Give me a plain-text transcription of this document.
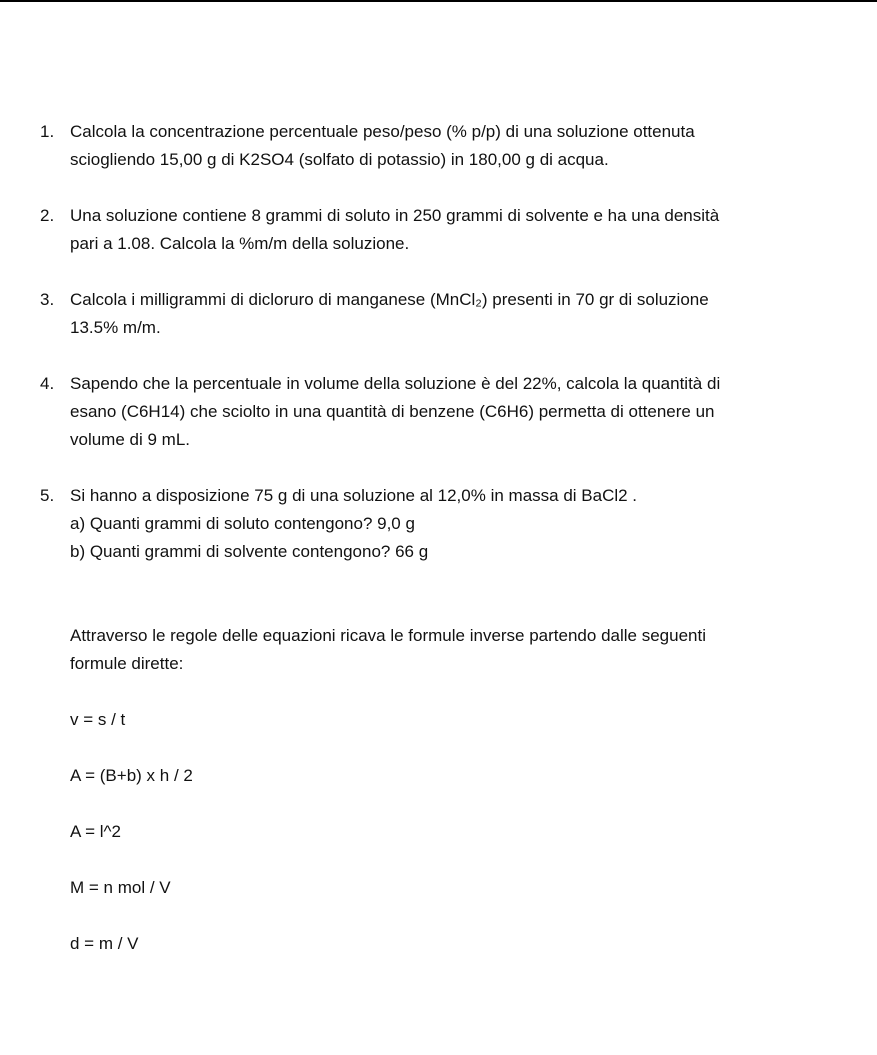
1. Calcola la concentrazione percentuale peso/peso (% p/p) di una soluzione ottenuta
sciogliendo 15,00 g di K2SO4 (solfato di potassio) in 180,00 g di acqua.
2. Una soluzione contiene 8 grammi di soluto in 250 grammi di solvente e ha una densità
pari a 1.08. Calcola la %m/m della soluzione.
3. Calcola i milligrammi di dicloruro di manganese (MnCl₂) presenti in 70 gr di soluzione
13.5% m/m.
4. Sapendo che la percentuale in volume della soluzione è del 22%, calcola la quantità di
esano (C6H14) che sciolto in una quantità di benzene (C6H6) permetta di ottenere un
volume di 9 mL.
5. Si hanno a disposizione 75 g di una soluzione al 12,0% in massa di BaCl2 .
a) Quanti grammi di soluto contengono? 9,0 g
b) Quanti grammi di solvente contengono? 66 g
Attraverso le regole delle equazioni ricava le formule inverse partendo dalle seguenti
formule dirette:
v = s / t
A = (B+b) x h / 2
A = l^2
M = n mol / V
d = m / V
